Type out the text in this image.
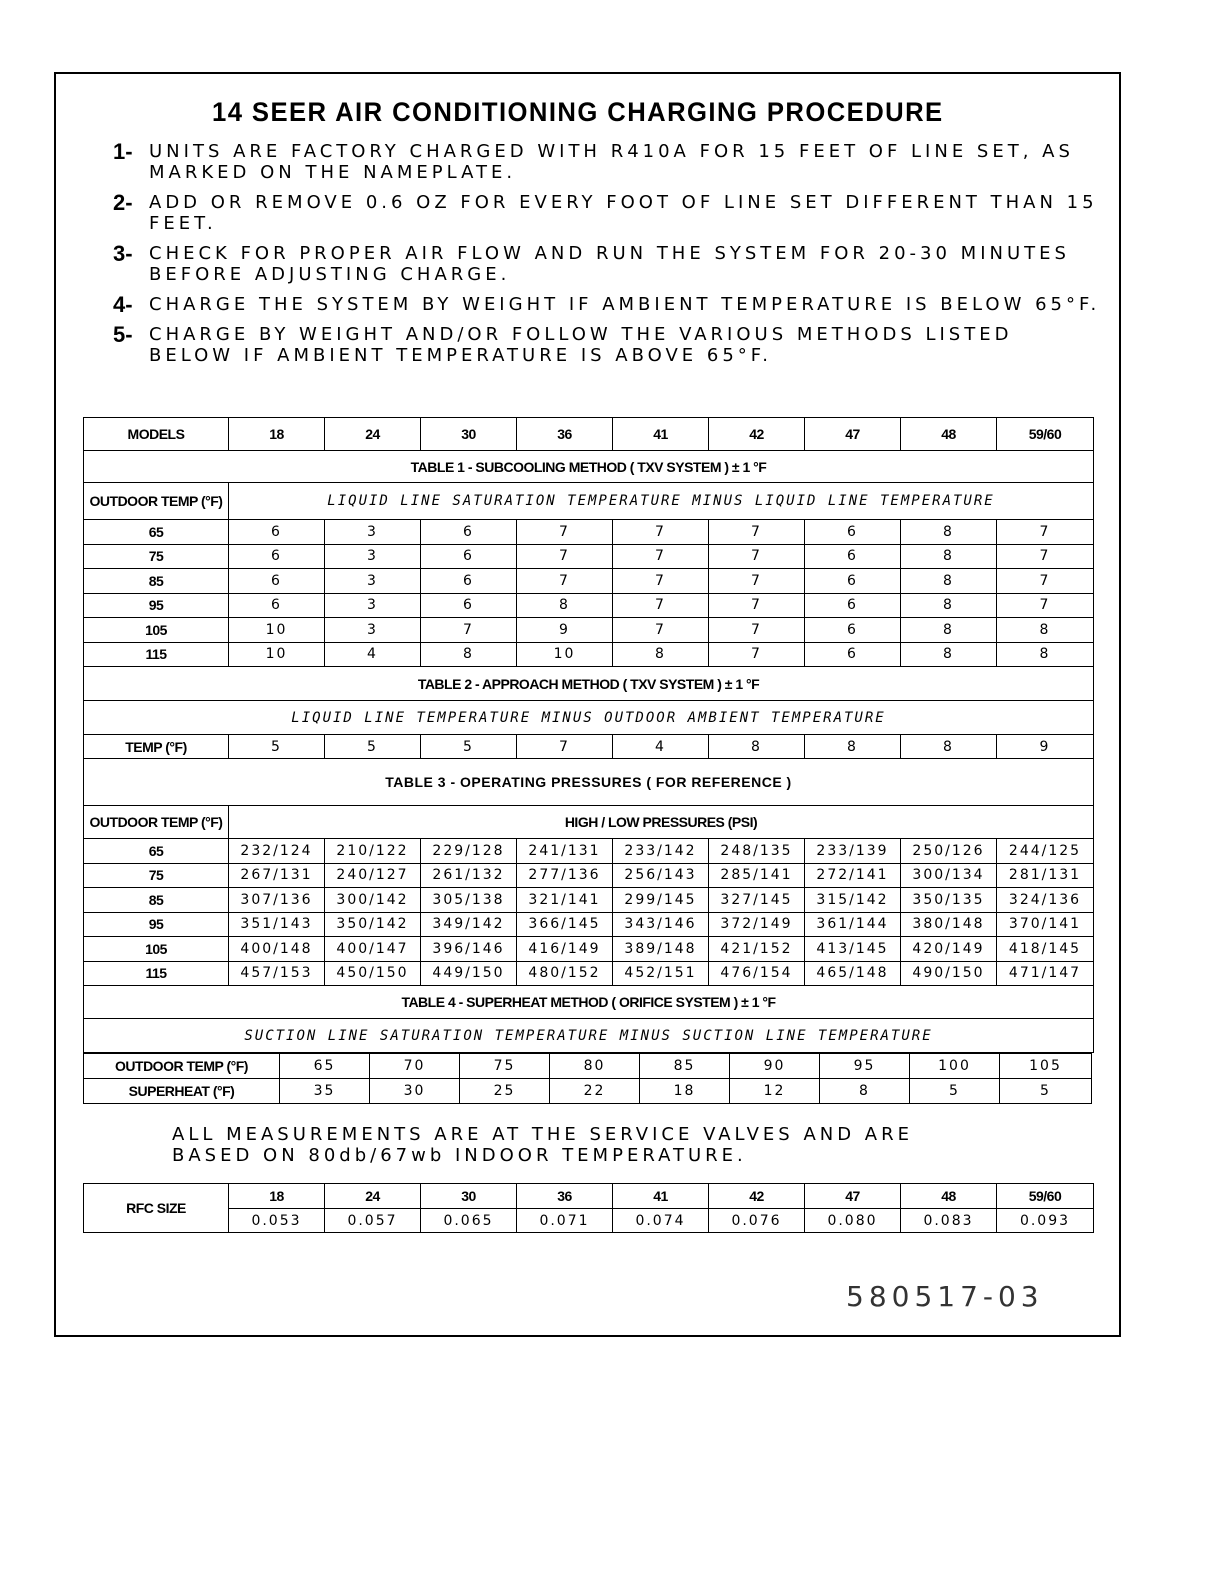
14 SEER AIR CONDITIONING CHARGING PROCEDURE
1- UNITS ARE FACTORY CHARGED WITH R410A FOR 15 FEET OF LINE SET, AS MARKED ON THE NAMEPLATE.
2- ADD OR REMOVE 0.6 OZ FOR EVERY FOOT OF LINE SET DIFFERENT THAN 15 FEET.
3- CHECK FOR PROPER AIR FLOW AND RUN THE SYSTEM FOR 20-30 MINUTES BEFORE ADJUSTING CHARGE.
4- CHARGE THE SYSTEM BY WEIGHT IF AMBIENT TEMPERATURE IS BELOW 65°F.
5- CHARGE BY WEIGHT AND/OR FOLLOW THE VARIOUS METHODS LISTED BELOW IF AMBIENT TEMPERATURE IS ABOVE 65°F.
MODELS	18	24	30	36	41	42	47	48	59/60
TABLE 1 - SUBCOOLING METHOD ( TXV SYSTEM ) ± 1 °F									
OUTDOOR TEMP (°F)	LIQUID LINE SATURATION TEMPERATURE MINUS LIQUID LINE TEMPERATURE								
65	6	3	6	7	7	7	6	8	7
75	6	3	6	7	7	7	6	8	7
85	6	3	6	7	7	7	6	8	7
95	6	3	6	8	7	7	6	8	7
105	10	3	7	9	7	7	6	8	8
115	10	4	8	10	8	7	6	8	8
TABLE 2 - APPROACH METHOD ( TXV SYSTEM ) ± 1 °F									
LIQUID LINE TEMPERATURE MINUS OUTDOOR AMBIENT TEMPERATURE									
TEMP (°F)	5	5	5	7	4	8	8	8	9
TABLE 3 - OPERATING PRESSURES ( FOR REFERENCE )									
OUTDOOR TEMP (°F)	HIGH / LOW PRESSURES (PSI)								
65	232/124	210/122	229/128	241/131	233/142	248/135	233/139	250/126	244/125
75	267/131	240/127	261/132	277/136	256/143	285/141	272/141	300/134	281/131
85	307/136	300/142	305/138	321/141	299/145	327/145	315/142	350/135	324/136
95	351/143	350/142	349/142	366/145	343/146	372/149	361/144	380/148	370/141
105	400/148	400/147	396/146	416/149	389/148	421/152	413/145	420/149	418/145
115	457/153	450/150	449/150	480/152	452/151	476/154	465/148	490/150	471/147
TABLE 4 - SUPERHEAT METHOD ( ORIFICE SYSTEM ) ± 1 °F									
SUCTION LINE SATURATION TEMPERATURE MINUS SUCTION LINE TEMPERATURE									
OUTDOOR TEMP (°F)	65	70	75	80	85	90	95	100	105
SUPERHEAT (°F)	35	30	25	22	18	12	8	5	5
ALL MEASUREMENTS ARE AT THE SERVICE VALVES AND ARE BASED ON 80db/67wb INDOOR TEMPERATURE.
RFC SIZE	18	24	30	36	41	42	47	48	59/60
	0.053	0.057	0.065	0.071	0.074	0.076	0.080	0.083	0.093
580517-03
